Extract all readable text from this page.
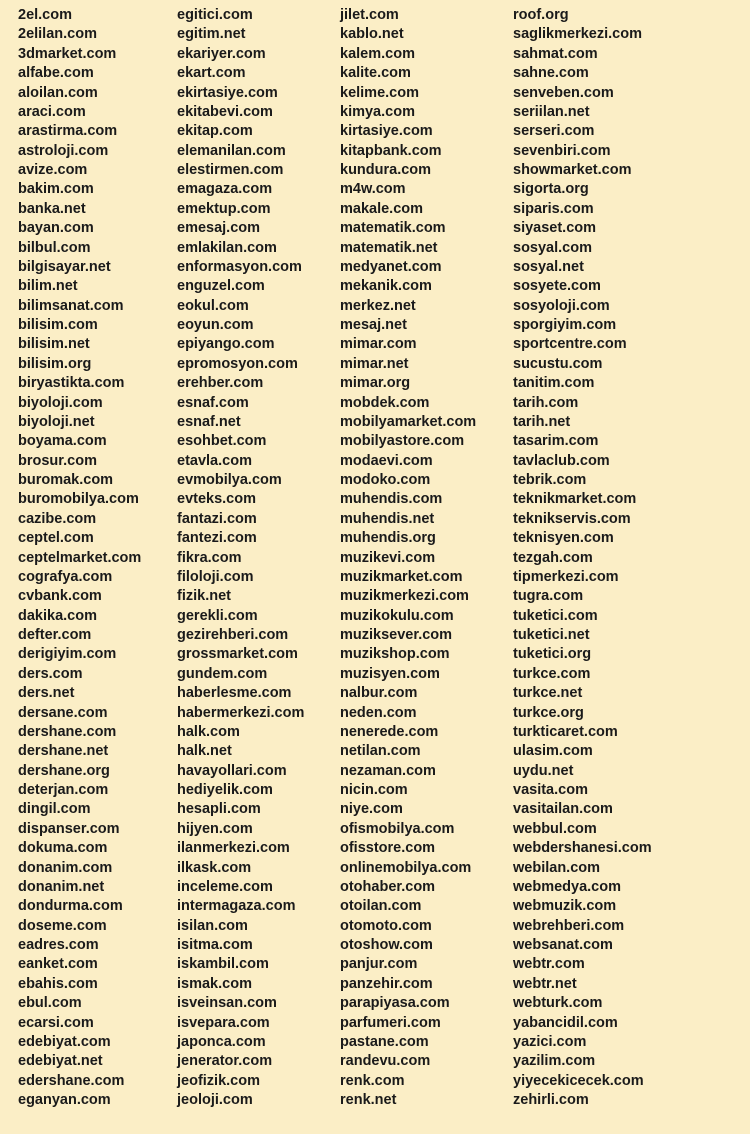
2el.com
2elilan.com
3dmarket.com
alfabe.com
aloilan.com
araci.com
arastirma.com
astroloji.com
avize.com
bakim.com
banka.net
bayan.com
bilbul.com
bilgisayar.net
bilim.net
bilimsanat.com
bilisim.com
bilisim.net
bilisim.org
biryastikta.com
biyoloji.com
biyoloji.net
boyama.com
brosur.com
buromak.com
buromobilya.com
cazibe.com
ceptel.com
ceptelmarket.com
cografya.com
cvbank.com
dakika.com
defter.com
derigiyim.com
ders.com
ders.net
dersane.com
dershane.com
dershane.net
dershane.org
deterjan.com
dingil.com
dispanser.com
dokuma.com
donanim.com
donanim.net
dondurma.com
doseme.com
eadres.com
eanket.com
ebahis.com
ebul.com
ecarsi.com
edebiyat.com
edebiyat.net
edershane.com
eganyan.com
egitici.com
egitim.net
ekariyer.com
ekart.com
ekirtasiye.com
ekitabevi.com
ekitap.com
elemanilan.com
elestirmen.com
emagaza.com
emektup.com
emesaj.com
emlakilan.com
enformasyon.com
enguzel.com
eokul.com
eoyun.com
epiyango.com
epromosyon.com
erehber.com
esnaf.com
esnaf.net
esohbet.com
etavla.com
evmobilya.com
evteks.com
fantazi.com
fantezi.com
fikra.com
filoloji.com
fizik.net
gerekli.com
gezirehberi.com
grossmarket.com
gundem.com
haberlesme.com
habermerkezi.com
halk.com
halk.net
havayollari.com
hediyelik.com
hesapli.com
hijyen.com
ilanmerkezi.com
ilkask.com
inceleme.com
intermagaza.com
isilan.com
isitma.com
iskambil.com
ismak.com
isveinsan.com
isvepara.com
japonca.com
jenerator.com
jeofizik.com
jeoloji.com
jilet.com
kablo.net
kalem.com
kalite.com
kelime.com
kimya.com
kirtasiye.com
kitapbank.com
kundura.com
m4w.com
makale.com
matematik.com
matematik.net
medyanet.com
mekanik.com
merkez.net
mesaj.net
mimar.com
mimar.net
mimar.org
mobdek.com
mobilyamarket.com
mobilyastore.com
modaevi.com
modoko.com
muhendis.com
muhendis.net
muhendis.org
muzikevi.com
muzikmarket.com
muzikmerkezi.com
muzikokulu.com
muziksever.com
muzikshop.com
muzisyen.com
nalbur.com
neden.com
nenerede.com
netilan.com
nezaman.com
nicin.com
niye.com
ofismobilya.com
ofisstore.com
onlinemobilya.com
otohaber.com
otoilan.com
otomoto.com
otoshow.com
panjur.com
panzehir.com
parapiyasa.com
parfumeri.com
pastane.com
randevu.com
renk.com
renk.net
roof.org
saglikmerkezi.com
sahmat.com
sahne.com
senveben.com
seriilan.net
serseri.com
sevenbiri.com
showmarket.com
sigorta.org
siparis.com
siyaset.com
sosyal.com
sosyal.net
sosyete.com
sosyoloji.com
sporgiyim.com
sportcentre.com
sucustu.com
tanitim.com
tarih.com
tarih.net
tasarim.com
tavlaclub.com
tebrik.com
teknikmarket.com
teknikservis.com
teknisyen.com
tezgah.com
tipmerkezi.com
tugra.com
tuketici.com
tuketici.net
tuketici.org
turkce.com
turkce.net
turkce.org
turkticaret.com
ulasim.com
uydu.net
vasita.com
vasitailan.com
webbul.com
webdershanesi.com
webilan.com
webmedya.com
webmuzik.com
webrehberi.com
websanat.com
webtr.com
webtr.net
webturk.com
yabancidil.com
yazici.com
yazilim.com
yiyecekicecek.com
zehirli.com
